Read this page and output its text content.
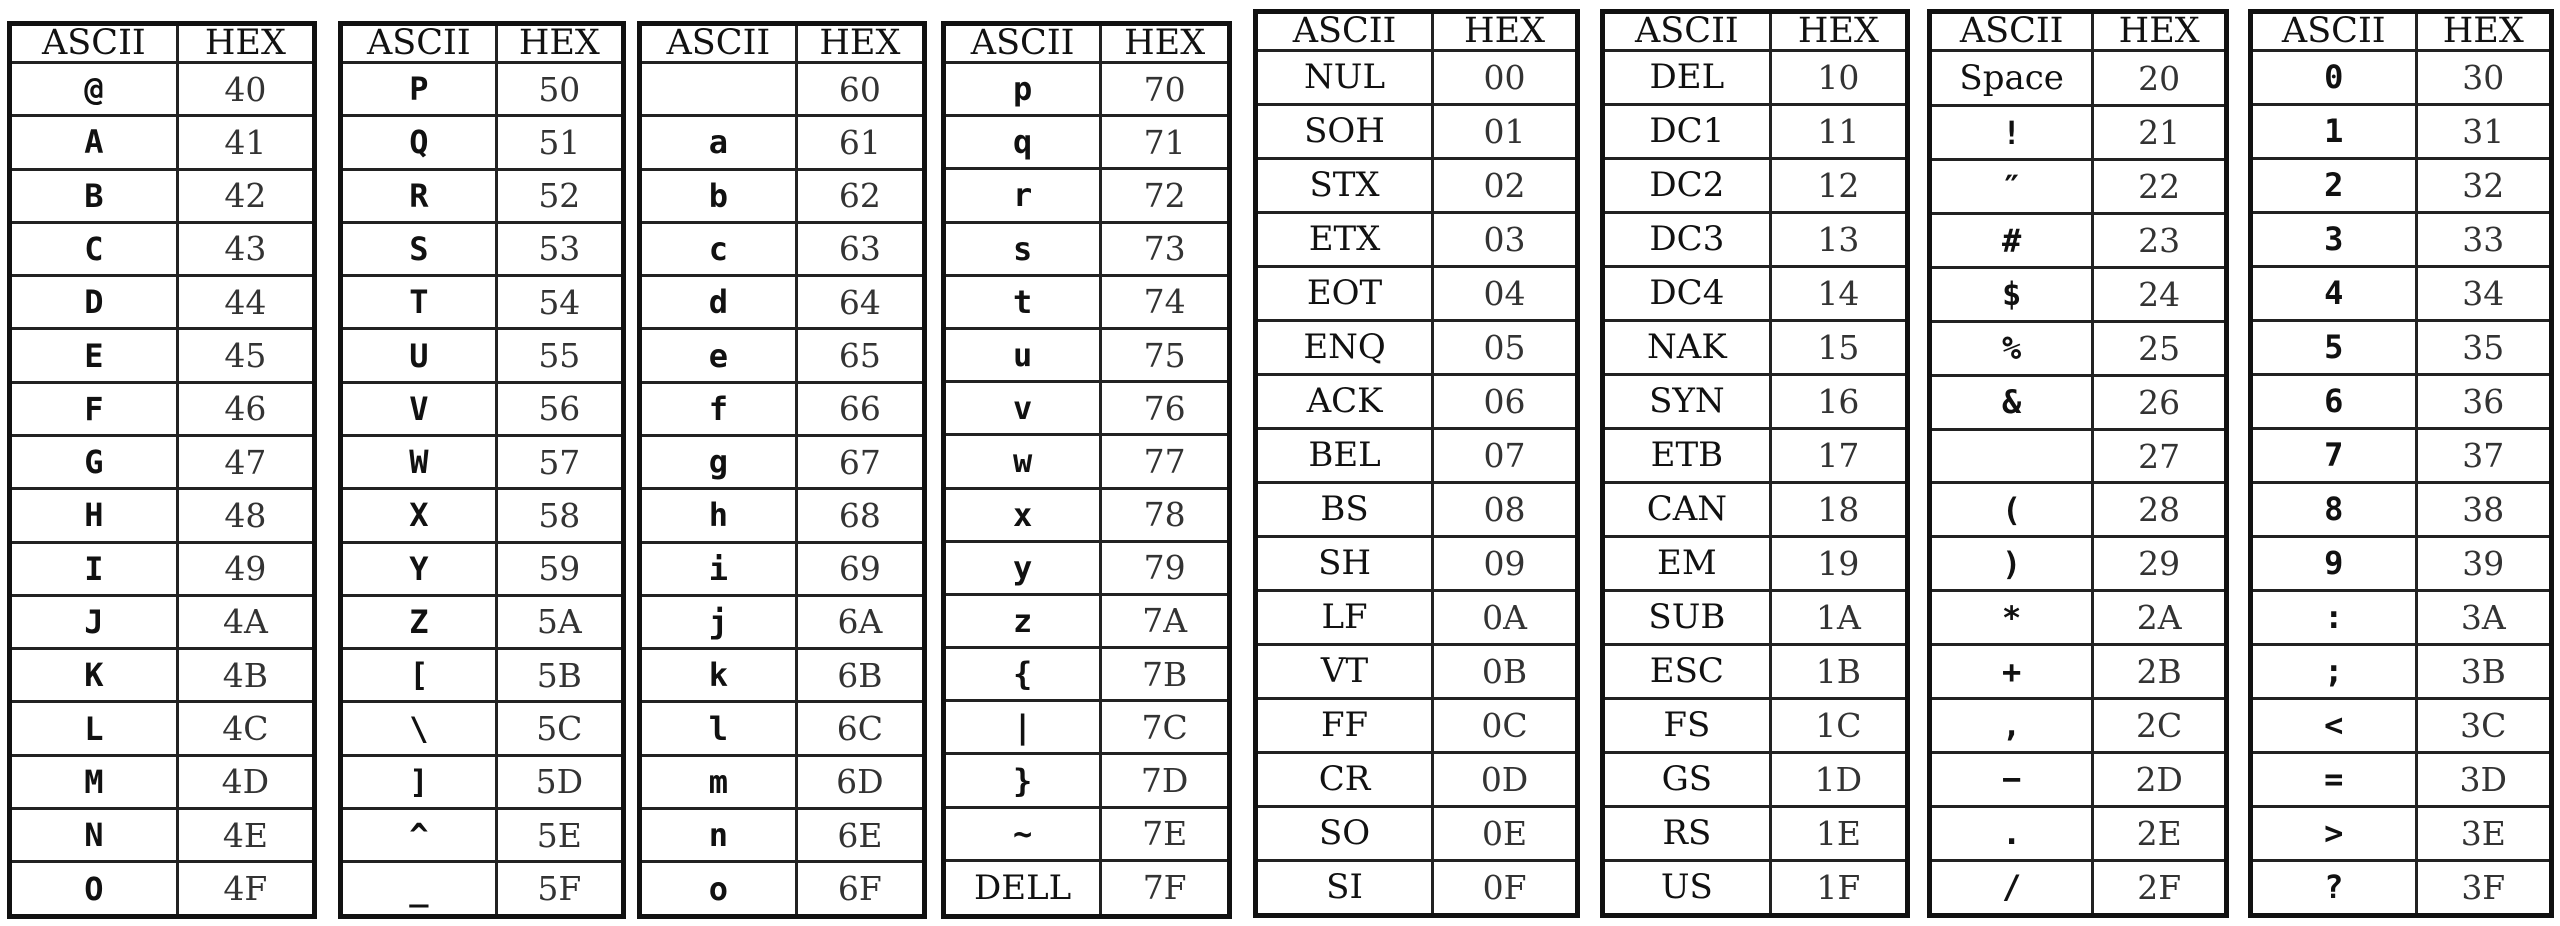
ASCII	HEX
@	40
A	41
B	42
C	43
D	44
E	45
F	46
G	47
H	48
I	49
J	4A
K	4B
L	4C
M	4D
N	4E
O	4F
ASCII	HEX
P	50
Q	51
R	52
S	53
T	54
U	55
V	56
W	57
X	58
Y	59
Z	5A
[	5B
\	5C
]	5D
^	5E
_	5F
ASCII	HEX
	60
a	61
b	62
c	63
d	64
e	65
f	66
g	67
h	68
i	69
j	6A
k	6B
l	6C
m	6D
n	6E
o	6F
ASCII	HEX
p	70
q	71
r	72
s	73
t	74
u	75
v	76
w	77
x	78
y	79
z	7A
{	7B
|	7C
}	7D
~	7E
DELL	7F
ASCII	HEX
NUL	00
SOH	01
STX	02
ETX	03
EOT	04
ENQ	05
ACK	06
BEL	07
BS	08
SH	09
LF	0A
VT	0B
FF	0C
CR	0D
SO	0E
SI	0F
ASCII	HEX
DEL	10
DC1	11
DC2	12
DC3	13
DC4	14
NAK	15
SYN	16
ETB	17
CAN	18
EM	19
SUB	1A
ESC	1B
FS	1C
GS	1D
RS	1E
US	1F
ASCII	HEX
Space	20
!	21
″	22
#	23
$	24
%	25
&	26
	27
(	28
)	29
*	2A
+	2B
,	2C
−	2D
.	2E
/	2F
ASCII	HEX
0	30
1	31
2	32
3	33
4	34
5	35
6	36
7	37
8	38
9	39
:	3A
;	3B
<	3C
=	3D
>	3E
?	3F
